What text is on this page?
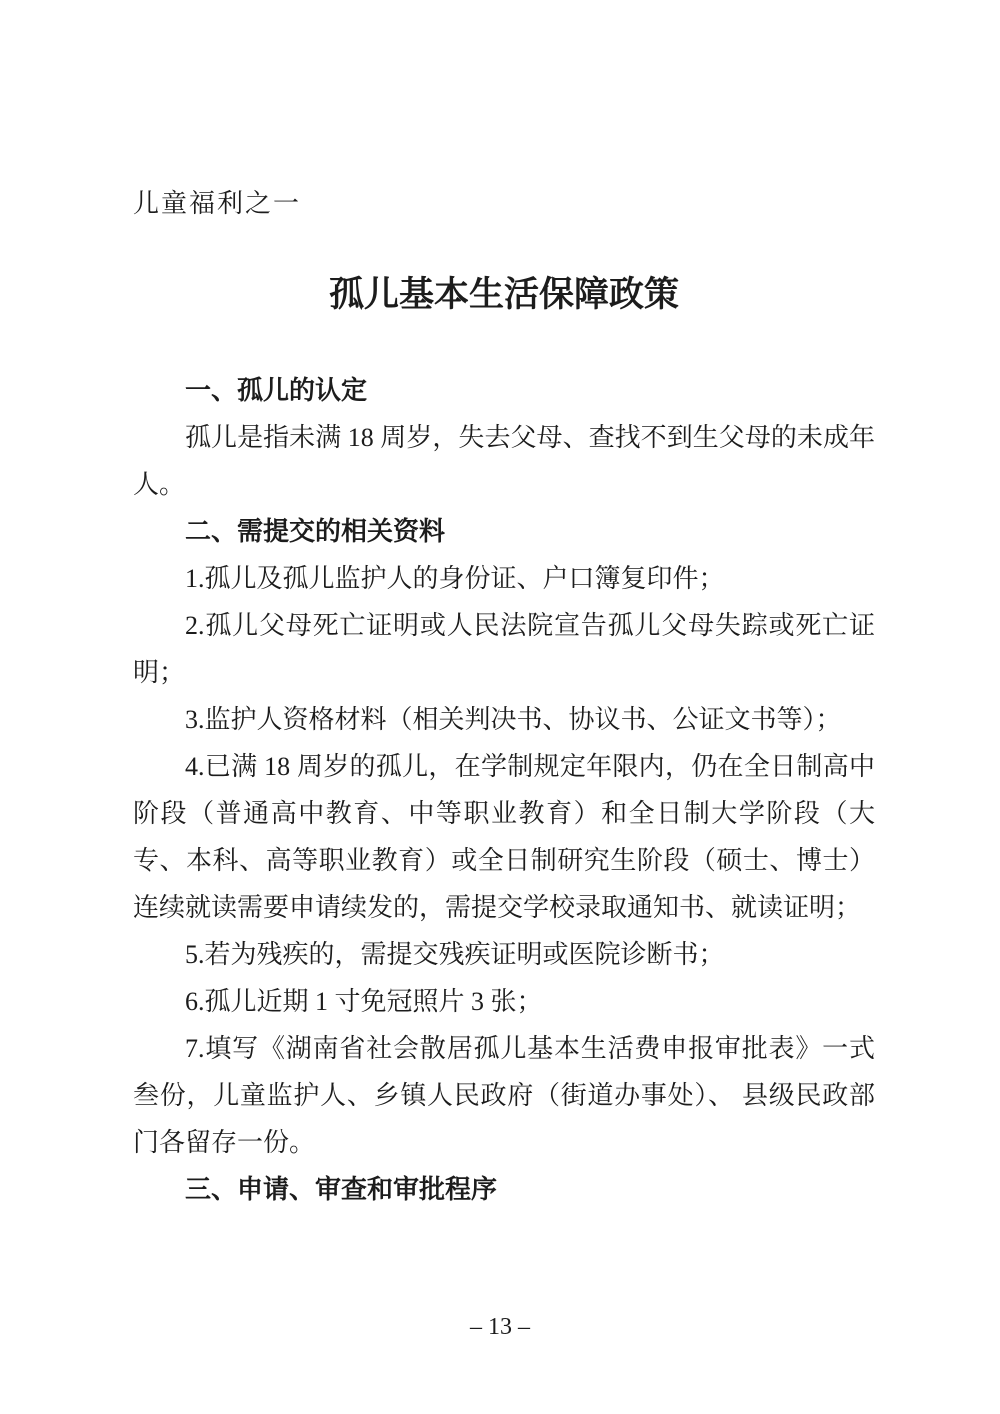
儿童福利之一
孤儿基本生活保障政策
一、孤儿的认定

孤儿是指未满 18 周岁，失去父母、查找不到生父母的未成年人。

二、需提交的相关资料

1.孤儿及孤儿监护人的身份证、户口簿复印件；

2.孤儿父母死亡证明或人民法院宣告孤儿父母失踪或死亡证明；

3.监护人资格材料（相关判决书、协议书、公证文书等）；

4.已满 18 周岁的孤儿，在学制规定年限内，仍在全日制高中阶段（普通高中教育、中等职业教育）和全日制大学阶段（大专、本科、高等职业教育）或全日制研究生阶段（硕士、博士）连续就读需要申请续发的，需提交学校录取通知书、就读证明；

5.若为残疾的，需提交残疾证明或医院诊断书；

6.孤儿近期 1 寸免冠照片 3 张；

7.填写《湖南省社会散居孤儿基本生活费申报审批表》一式叁份，儿童监护人、乡镇人民政府（街道办事处）、 县级民政部门各留存一份。

三、申请、审查和审批程序
– 13 –
